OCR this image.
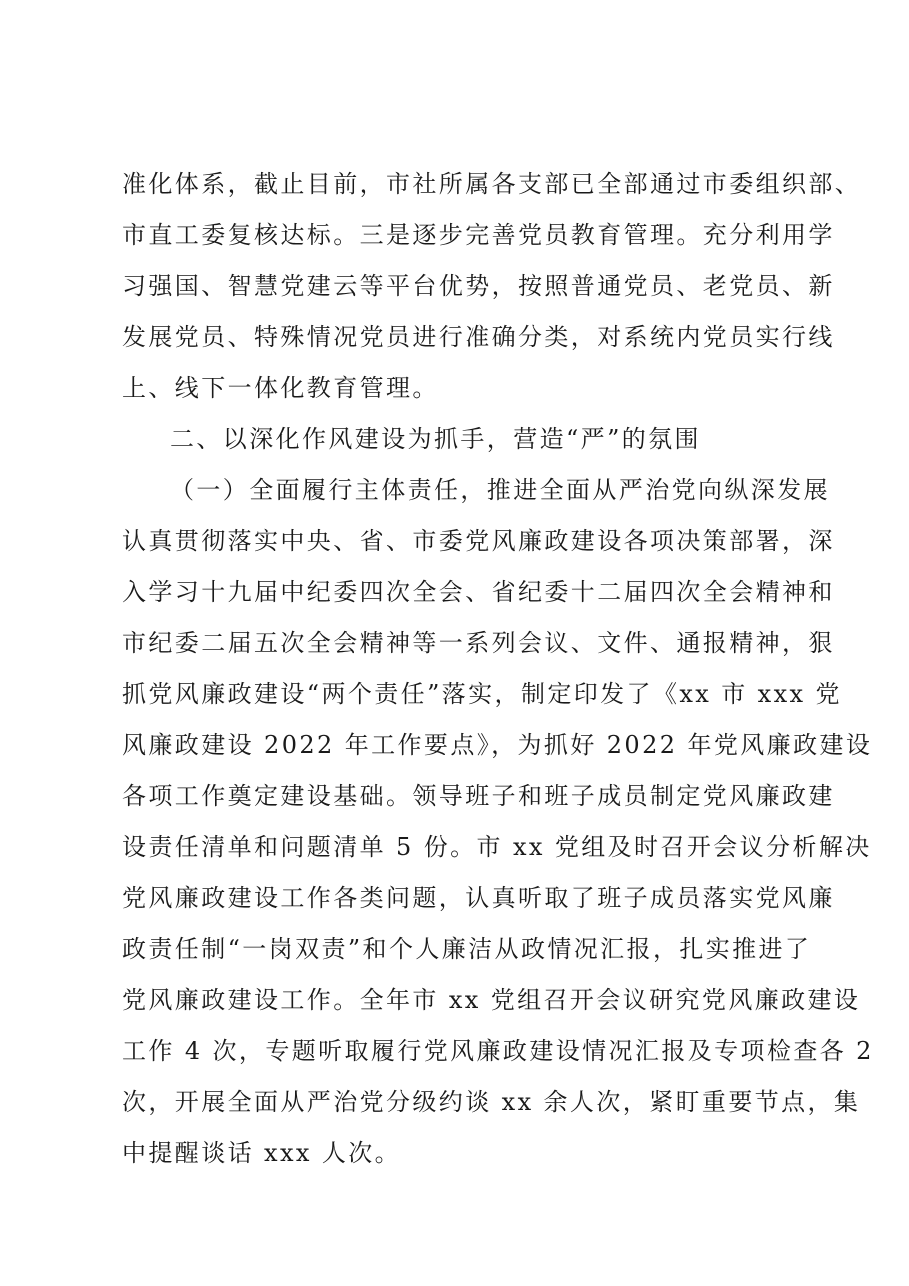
准化体系，截止目前，市社所属各支部已全部通过市委组织部、
市直工委复核达标。三是逐步完善党员教育管理。充分利用学
习强国、智慧党建云等平台优势，按照普通党员、老党员、新
发展党员、特殊情况党员进行准确分类，对系统内党员实行线
上、线下一体化教育管理。
二、以深化作风建设为抓手，营造“严”的氛围
（一）全面履行主体责任，推进全面从严治党向纵深发展
认真贯彻落实中央、省、市委党风廉政建设各项决策部署，深
入学习十九届中纪委四次全会、省纪委十二届四次全会精神和
市纪委二届五次全会精神等一系列会议、文件、通报精神，狠
抓党风廉政建设“两个责任”落实，制定印发了《xx 市 xxx 党
风廉政建设 2022 年工作要点》，为抓好 2022 年党风廉政建设
各项工作奠定建设基础。领导班子和班子成员制定党风廉政建
设责任清单和问题清单 5 份。市 xx 党组及时召开会议分析解决
党风廉政建设工作各类问题，认真听取了班子成员落实党风廉
政责任制“一岗双责”和个人廉洁从政情况汇报，扎实推进了
党风廉政建设工作。全年市 xx 党组召开会议研究党风廉政建设
工作 4 次，专题听取履行党风廉政建设情况汇报及专项检查各 2
次，开展全面从严治党分级约谈 xx 余人次，紧盯重要节点，集
中提醒谈话 xxx 人次。
